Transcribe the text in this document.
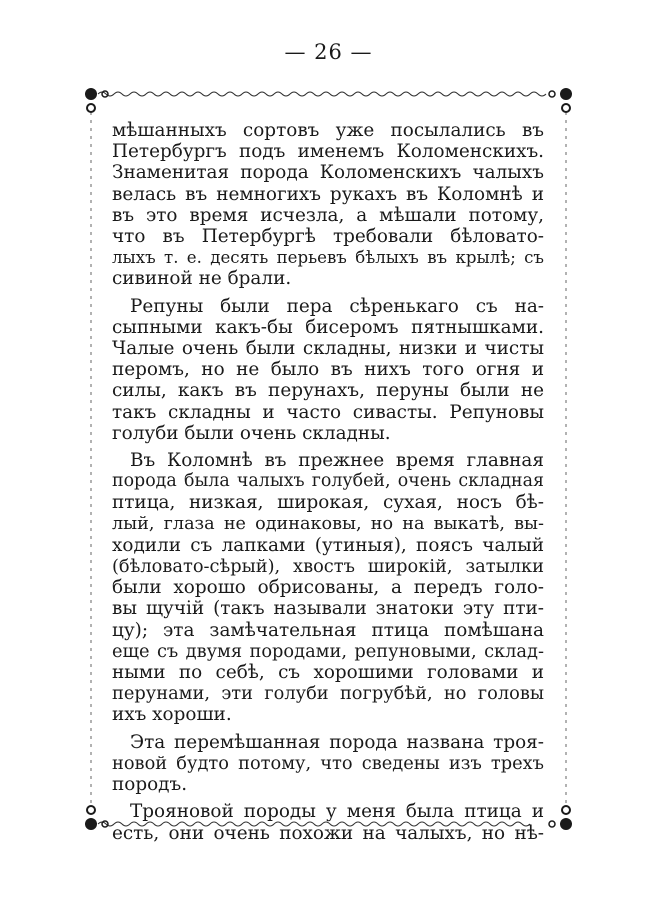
— 26 —
мѣшанныхъ сортовъ уже посылались въ
Петербургъ подъ именемъ Коломенскихъ.
Знаменитая порода Коломенскихъ чалыхъ
велась въ немногихъ рукахъ въ Коломнѣ и
въ это время исчезла, а мѣшали потому,
что въ Петербургѣ требовали бѣловато-
лыхъ т. е. десять перьевъ бѣлыхъ въ крылѣ; съ
сивиной не брали.
Репуны были пера сѣренькаго съ на-
сыпными какъ-бы бисеромъ пятнышками.
Чалые очень были складны, низки и чисты
перомъ, но не было въ нихъ того огня и
силы, какъ въ перунахъ, перуны были не
такъ складны и часто сивасты. Репуновы
голуби были очень складны.
Въ Коломнѣ въ прежнее время главная
порода была чалыхъ голубей, очень складная
птица, низкая, широкая, сухая, носъ бѣ-
лый, глаза не одинаковы, но на выкатѣ, вы-
ходили съ лапками (утиныя), поясъ чалый
(бѣловато-сѣрый), хвостъ широкій, затылки
были хорошо обрисованы, а передъ голо-
вы щучій (такъ называли знатоки эту пти-
цу); эта замѣчательная птица помѣшана
еще съ двумя породами, репуновыми, склад-
ными по себѣ, съ хорошими головами и
перунами, эти голуби погрубѣй, но головы
ихъ хороши.
Эта перемѣшанная порода названа троя-
новой будто потому, что сведены изъ трехъ
породъ.
Трояновой породы у меня была птица и
есть, они очень похожи на чалыхъ, но нѣ-
